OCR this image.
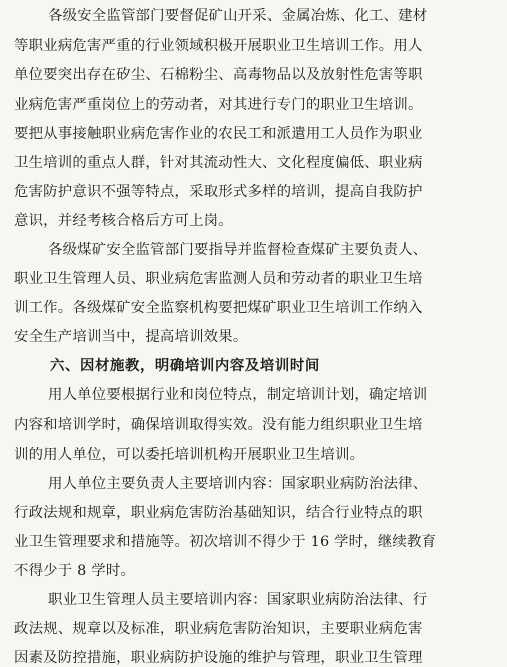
各级安全监管部门要督促矿山开采、金属冶炼、化工、建材
等职业病危害严重的行业领域积极开展职业卫生培训工作。用人
单位要突出存在矽尘、石棉粉尘、高毒物品以及放射性危害等职
业病危害严重岗位上的劳动者，对其进行专门的职业卫生培训。
要把从事接触职业病危害作业的农民工和派遣用工人员作为职业
卫生培训的重点人群，针对其流动性大、文化程度偏低、职业病
危害防护意识不强等特点，采取形式多样的培训，提高自我防护
意识，并经考核合格后方可上岗。
各级煤矿安全监管部门要指导并监督检查煤矿主要负责人、
职业卫生管理人员、职业病危害监测人员和劳动者的职业卫生培
训工作。各级煤矿安全监察机构要把煤矿职业卫生培训工作纳入
安全生产培训当中，提高培训效果。
六、因材施教，明确培训内容及培训时间
用人单位要根据行业和岗位特点，制定培训计划，确定培训
内容和培训学时，确保培训取得实效。没有能力组织职业卫生培
训的用人单位，可以委托培训机构开展职业卫生培训。
用人单位主要负责人主要培训内容：国家职业病防治法律、
行政法规和规章，职业病危害防治基础知识，结合行业特点的职
业卫生管理要求和措施等。初次培训不得少于 16 学时，继续教育
不得少于 8 学时。
职业卫生管理人员主要培训内容：国家职业病防治法律、行
政法规、规章以及标准，职业病危害防治知识，主要职业病危害
因素及防控措施，职业病防护设施的维护与管理，职业卫生管理
